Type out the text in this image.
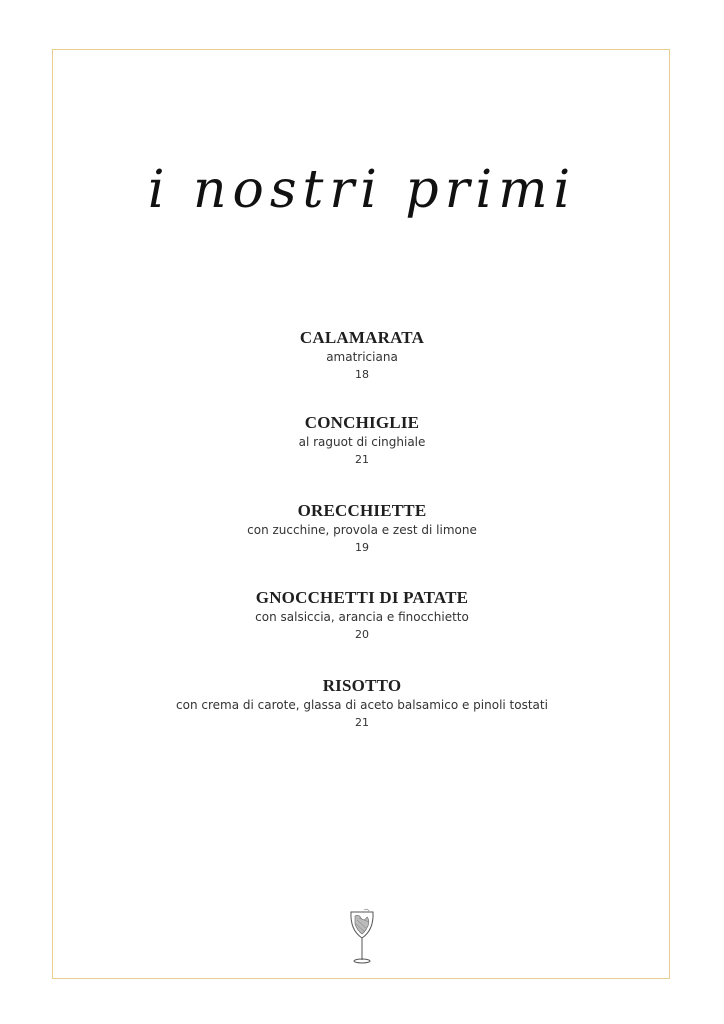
i nostri primi
CALAMARATA
amatriciana
18
CONCHIGLIE
al raguot di cinghiale
21
ORECCHIETTE
con zucchine, provola e zest di limone
19
GNOCCHETTI DI PATATE
con salsiccia, arancia e finocchietto
20
RISOTTO
con crema di carote, glassa di aceto balsamico e pinoli tostati
21
